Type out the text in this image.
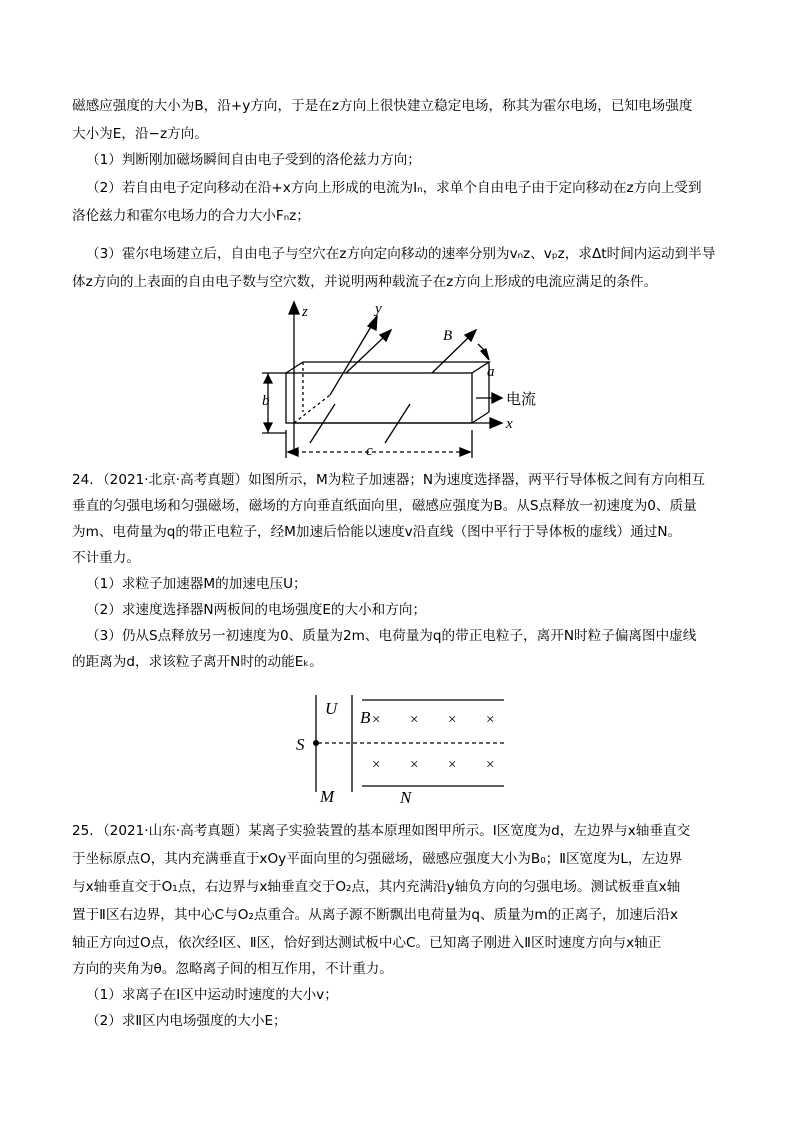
磁感应强度的大小为B，沿+y方向，于是在z方向上很快建立稳定电场，称其为霍尔电场，已知电场强度
大小为E，沿−z方向。
（1）判断刚加磁场瞬间自由电子受到的洛伦兹力方向；
（2）若自由电子定向移动在沿+x方向上形成的电流为Iₙ，求单个自由电子由于定向移动在z方向上受到
洛伦兹力和霍尔电场力的合力大小Fₙz；
（3）霍尔电场建立后，自由电子与空穴在z方向定向移动的速率分别为vₙz、vₚz，求Δt时间内运动到半导
体z方向的上表面的自由电子数与空穴数，并说明两种载流子在z方向上形成的电流应满足的条件。
z	y
B
a
b
c
x
电流
24．（2021·北京·高考真题）如图所示，M为粒子加速器；N为速度选择器，两平行导体板之间有方向相互
垂直的匀强电场和匀强磁场，磁场的方向垂直纸面向里，磁感应强度为B。从S点释放一初速度为0、质量
为m、电荷量为q的带正电粒子，经M加速后恰能以速度v沿直线（图中平行于导体板的虚线）通过N。
不计重力。
（1）求粒子加速器M的加速电压U；
（2）求速度选择器N两板间的电场强度E的大小和方向；
（3）仍从S点释放另一初速度为0、质量为2m、电荷量为q的带正电粒子，离开N时粒子偏离图中虚线
的距离为d，求该粒子离开N时的动能Eₖ。
U B
S
M	N
× × × ×
× × × ×
25．（2021·山东·高考真题）某离子实验装置的基本原理如图甲所示。Ⅰ区宽度为d，左边界与x轴垂直交
于坐标原点O，其内充满垂直于xOy平面向里的匀强磁场，磁感应强度大小为B₀；Ⅱ区宽度为L，左边界
与x轴垂直交于O₁点，右边界与x轴垂直交于O₂点，其内充满沿y轴负方向的匀强电场。测试板垂直x轴
置于Ⅱ区右边界，其中心C与O₂点重合。从离子源不断飘出电荷量为q、质量为m的正离子，加速后沿x
轴正方向过O点，依次经Ⅰ区、Ⅱ区，恰好到达测试板中心C。已知离子刚进入Ⅱ区时速度方向与x轴正
方向的夹角为θ。忽略离子间的相互作用，不计重力。
（1）求离子在Ⅰ区中运动时速度的大小v；
（2）求Ⅱ区内电场强度的大小E；
